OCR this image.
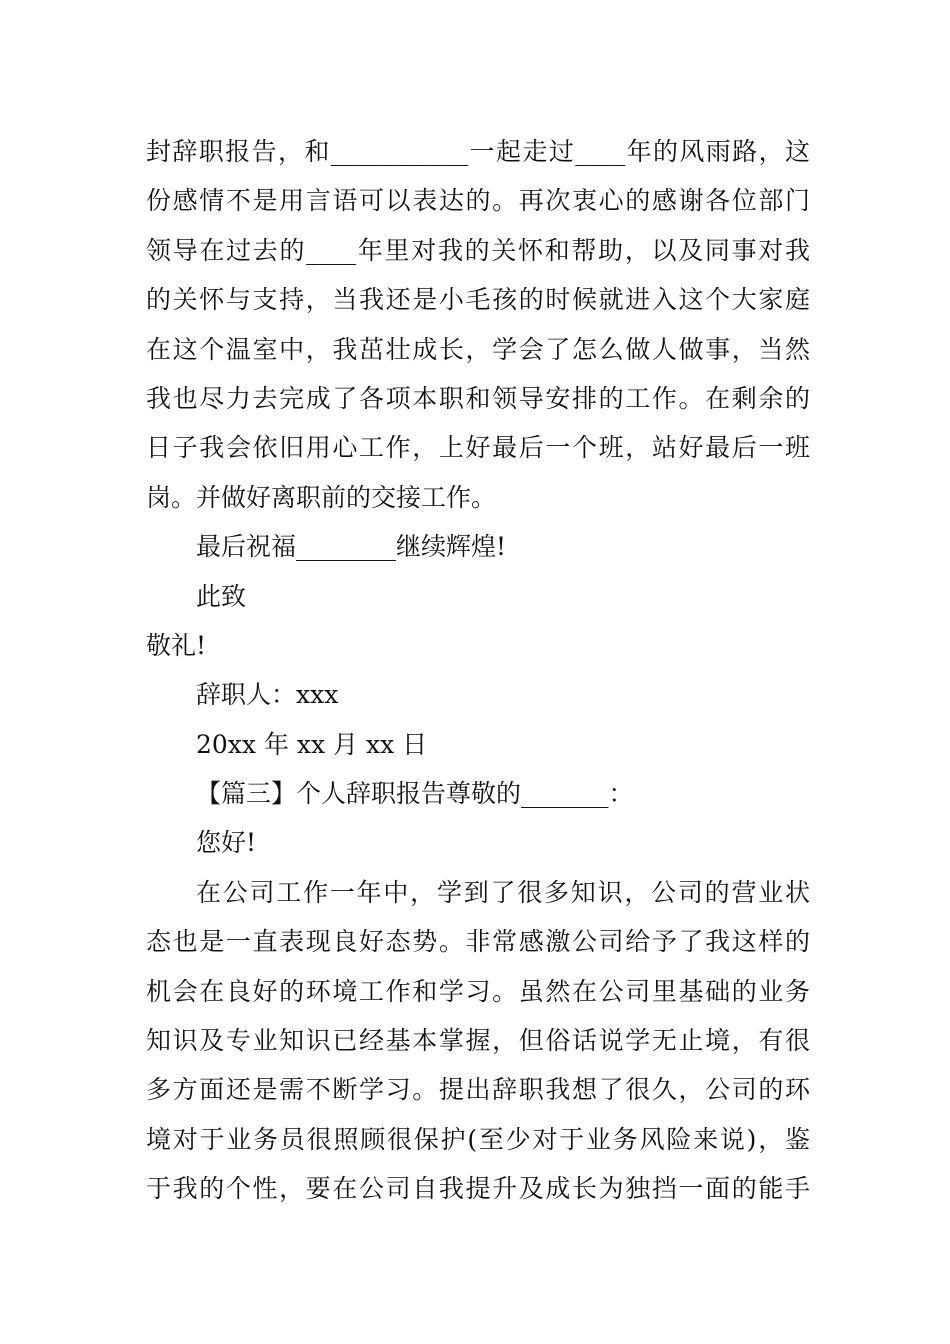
封辞职报告，和___________一起走过____年的风雨路，这
份感情不是用言语可以表达的。再次衷心的感谢各位部门
领导在过去的____年里对我的关怀和帮助，以及同事对我
的关怀与支持，当我还是小毛孩的时候就进入这个大家庭
在这个温室中，我茁壮成长，学会了怎么做人做事，当然
我也尽力去完成了各项本职和领导安排的工作。在剩余的
日子我会依旧用心工作，上好最后一个班，站好最后一班
岗。并做好离职前的交接工作。
最后祝福________继续辉煌!
此致
敬礼!
辞职人：xxx
20xx 年 xx 月 xx 日
【篇三】个人辞职报告尊敬的_______：
您好!
在公司工作一年中，学到了很多知识，公司的营业状
态也是一直表现良好态势。非常感激公司给予了我这样的
机会在良好的环境工作和学习。虽然在公司里基础的业务
知识及专业知识已经基本掌握，但俗话说学无止境，有很
多方面还是需不断学习。提出辞职我想了很久，公司的环
境对于业务员很照顾很保护(至少对于业务风险来说)，鉴
于我的个性，要在公司自我提升及成长为独挡一面的能手
